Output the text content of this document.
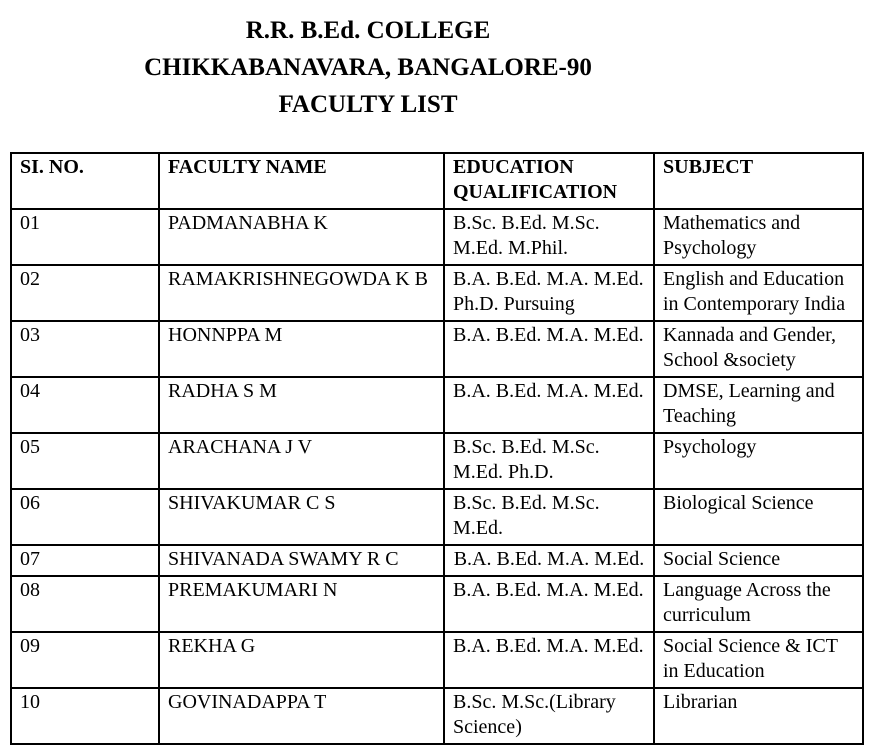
R.R. B.Ed. COLLEGE
CHIKKABANAVARA, BANGALORE-90
FACULTY LIST
SI. NO.	FACULTY NAME	EDUCATION QUALIFICATION	SUBJECT
01	PADMANABHA K	B.Sc. B.Ed. M.Sc. M.Ed. M.Phil.	Mathematics and Psychology
02	RAMAKRISHNEGOWDA K B	B.A. B.Ed. M.A. M.Ed. Ph.D. Pursuing	English and Education in Contemporary India
03	HONNPPA M	B.A. B.Ed. M.A. M.Ed.	Kannada and Gender, School &society
04	RADHA S M	B.A. B.Ed. M.A. M.Ed.	DMSE, Learning and Teaching
05	ARACHANA J V	B.Sc. B.Ed. M.Sc. M.Ed. Ph.D.	Psychology
06	SHIVAKUMAR C S	B.Sc. B.Ed. M.Sc. M.Ed.	Biological Science
07	SHIVANADA SWAMY R C	B.A. B.Ed. M.A. M.Ed.	Social Science
08	PREMAKUMARI N	B.A. B.Ed. M.A. M.Ed.	Language Across the curriculum
09	REKHA G	B.A. B.Ed. M.A. M.Ed.	Social Science & ICT in Education
10	GOVINADAPPA T	B.Sc. M.Sc.(Library Science)	Librarian
